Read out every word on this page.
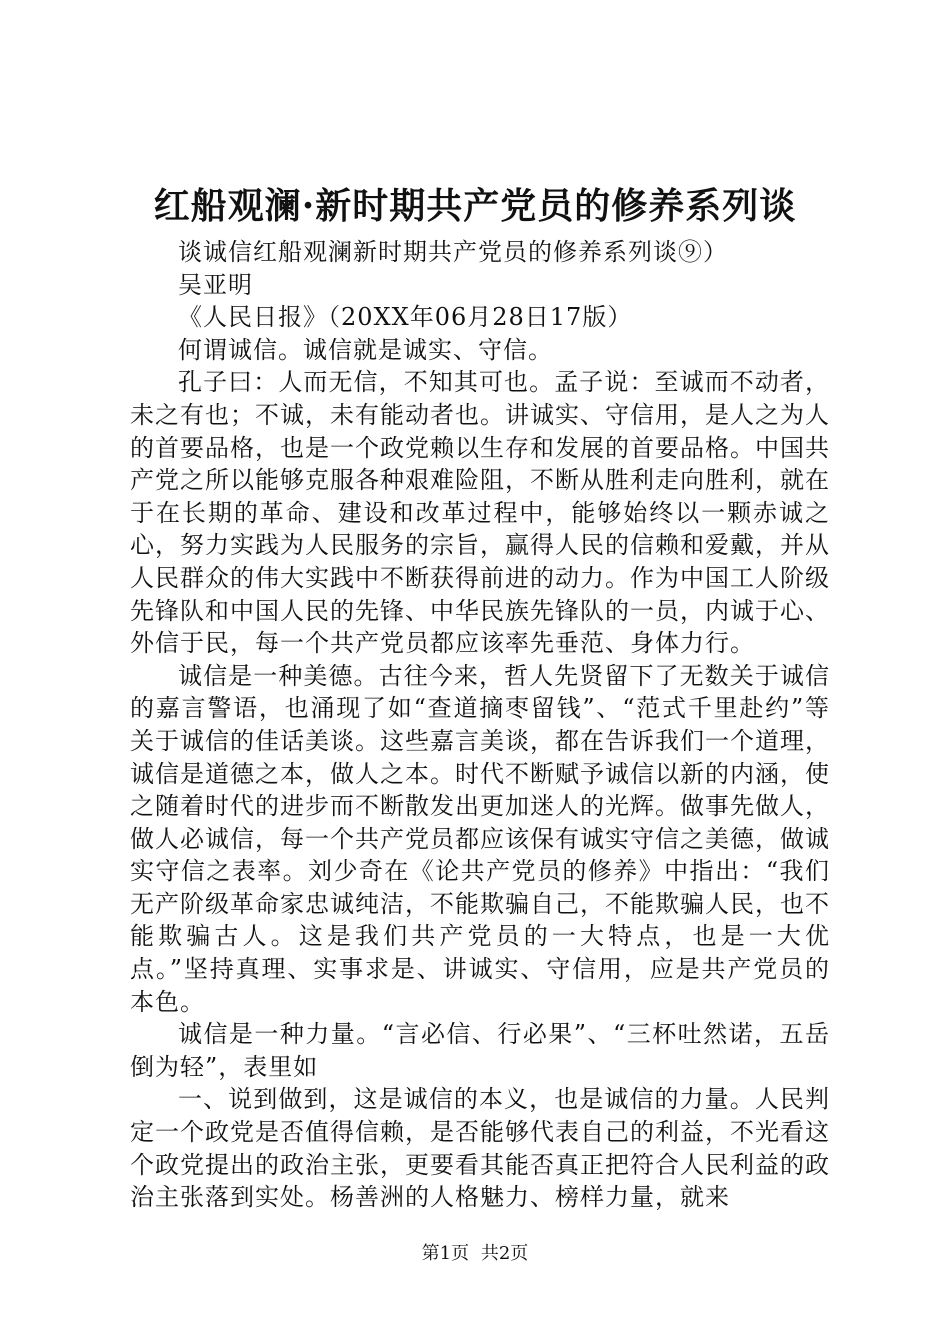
红船观澜·新时期共产党员的修养系列谈

谈诚信红船观澜新时期共产党员的修养系列谈⑨）

吴亚明

《人民日报》（20XX年06月28日17版）

何谓诚信。诚信就是诚实、守信。

孔子曰：人而无信，不知其可也。孟子说：至诚而不动者，未之有也；不诚，未有能动者也。讲诚实、守信用，是人之为人的首要品格，也是一个政党赖以生存和发展的首要品格。中国共产党之所以能够克服各种艰难险阻，不断从胜利走向胜利，就在于在长期的革命、建设和改革过程中，能够始终以一颗赤诚之心，努力实践为人民服务的宗旨，赢得人民的信赖和爱戴，并从人民群众的伟大实践中不断获得前进的动力。作为中国工人阶级先锋队和中国人民的先锋、中华民族先锋队的一员，内诚于心、外信于民，每一个共产党员都应该率先垂范、身体力行。

诚信是一种美德。古往今来，哲人先贤留下了无数关于诚信的嘉言警语，也涌现了如“查道摘枣留钱”、“范式千里赴约”等关于诚信的佳话美谈。这些嘉言美谈，都在告诉我们一个道理，诚信是道德之本，做人之本。时代不断赋予诚信以新的内涵，使之随着时代的进步而不断散发出更加迷人的光辉。做事先做人，做人必诚信，每一个共产党员都应该保有诚实守信之美德，做诚实守信之表率。刘少奇在《论共产党员的修养》中指出：“我们无产阶级革命家忠诚纯洁，不能欺骗自己，不能欺骗人民，也不能欺骗古人。这是我们共产党员的一大特点，也是一大优点。”坚持真理、实事求是、讲诚实、守信用，应是共产党员的本色。

诚信是一种力量。“言必信、行必果”、“三杯吐然诺，五岳倒为轻”，表里如

一、说到做到，这是诚信的本义，也是诚信的力量。人民判定一个政党是否值得信赖，是否能够代表自己的利益，不光看这个政党提出的政治主张，更要看其能否真正把符合人民利益的政治主张落到实处。杨善洲的人格魅力、榜样力量，就来

第1页 共2页
